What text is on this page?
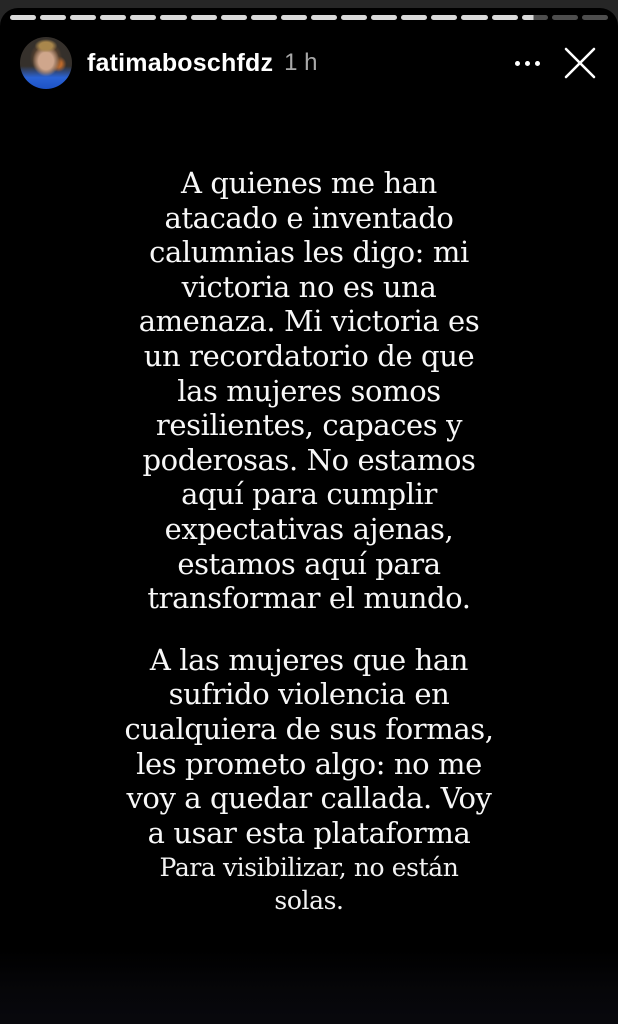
fatimaboschfdz 1 h
A quienes me han
atacado e inventado
calumnias les digo: mi
victoria no es una
amenaza. Mi victoria es
un recordatorio de que
las mujeres somos
resilientes, capaces y
poderosas. No estamos
aquí para cumplir
expectativas ajenas,
estamos aquí para
transformar el mundo.
A las mujeres que han
sufrido violencia en
cualquiera de sus formas,
les prometo algo: no me
voy a quedar callada. Voy
a usar esta plataforma
Para visibilizar, no están
solas.
